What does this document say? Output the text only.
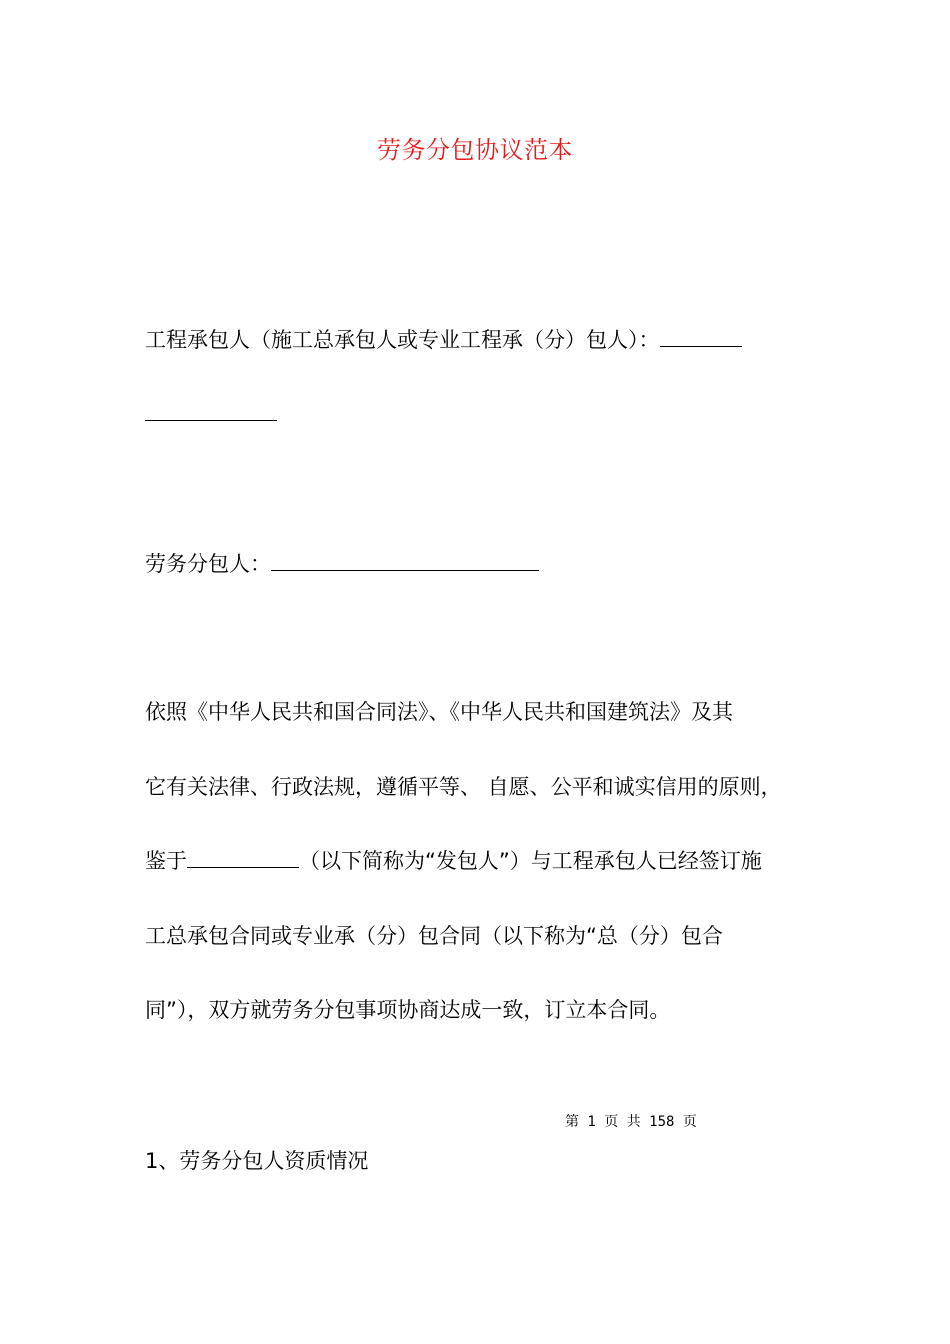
劳务分包协议范本
工程承包人（施工总承包人或专业工程承（分）包人）：
劳务分包人：
依照《中华人民共和国合同法》、《中华人民共和国建筑法》及其
它有关法律、行政法规，遵循平等、 自愿、公平和诚实信用的原则，
鉴于	（以下简称为“发包人”）与工程承包人已经签订施
工总承包合同或专业承（分）包合同（以下称为“总（分）包合
同”），双方就劳务分包事项协商达成一致，订立本合同。
第 1 页 共 158 页
1、劳务分包人资质情况
